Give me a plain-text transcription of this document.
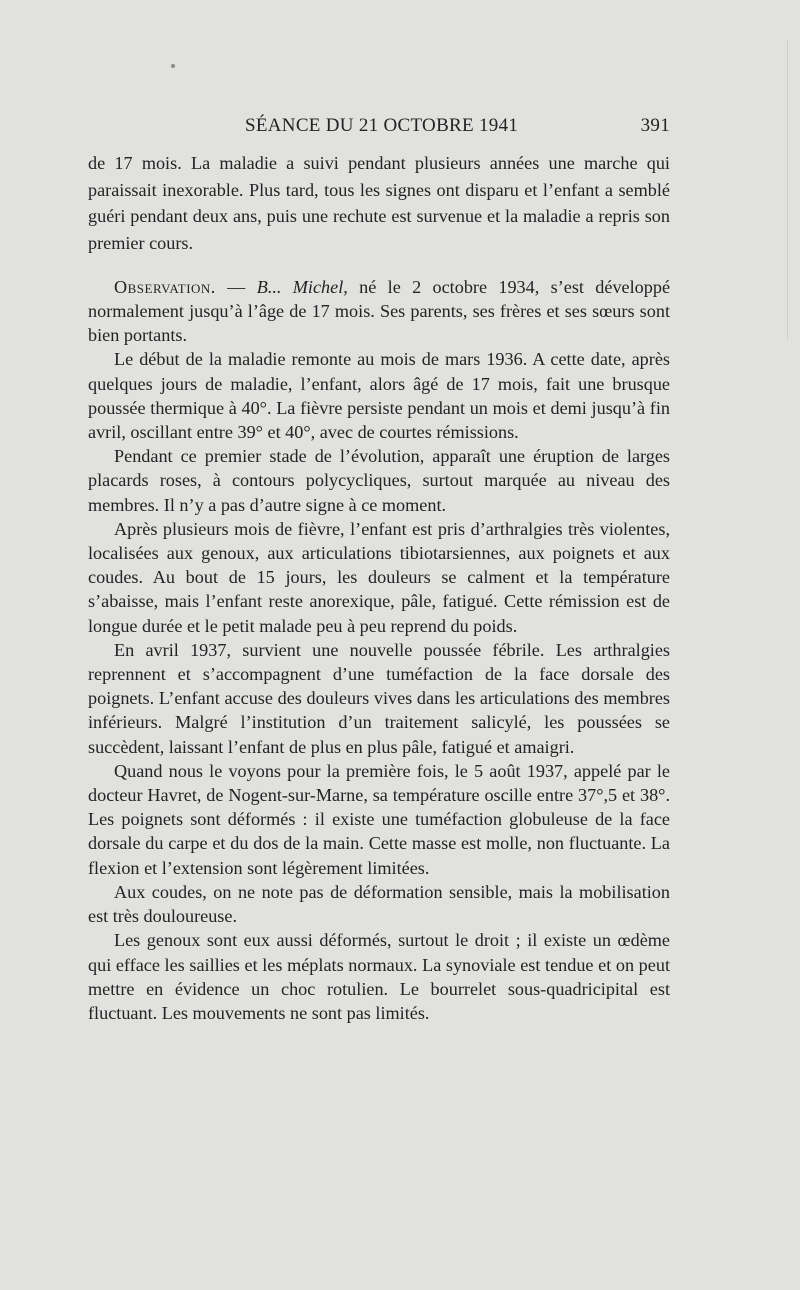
SÉANCE DU 21 OCTOBRE 1941	391

de 17 mois. La maladie a suivi pendant plusieurs années une marche qui paraissait inexorable. Plus tard, tous les signes ont disparu et l’enfant a semblé guéri pendant deux ans, puis une rechute est survenue et la maladie a repris son premier cours.

Observation. — B... Michel, né le 2 octobre 1934, s’est développé normalement jusqu’à l’âge de 17 mois. Ses parents, ses frères et ses sœurs sont bien portants.

Le début de la maladie remonte au mois de mars 1936. A cette date, après quelques jours de maladie, l’enfant, alors âgé de 17 mois, fait une brusque poussée thermique à 40°. La fièvre persiste pendant un mois et demi jusqu’à fin avril, oscillant entre 39° et 40°, avec de courtes rémissions.

Pendant ce premier stade de l’évolution, apparaît une éruption de larges placards roses, à contours polycycliques, surtout marquée au niveau des membres. Il n’y a pas d’autre signe à ce moment.

Après plusieurs mois de fièvre, l’enfant est pris d’arthralgies très violentes, localisées aux genoux, aux articulations tibiotarsiennes, aux poignets et aux coudes. Au bout de 15 jours, les douleurs se calment et la température s’abaisse, mais l’enfant reste anorexique, pâle, fatigué. Cette rémission est de longue durée et le petit malade peu à peu reprend du poids.

En avril 1937, survient une nouvelle poussée fébrile. Les arthralgies reprennent et s’accompagnent d’une tuméfaction de la face dorsale des poignets. L’enfant accuse des douleurs vives dans les articulations des membres inférieurs. Malgré l’institution d’un traitement salicylé, les poussées se succèdent, laissant l’enfant de plus en plus pâle, fatigué et amaigri.

Quand nous le voyons pour la première fois, le 5 août 1937, appelé par le docteur Havret, de Nogent-sur-Marne, sa température oscille entre 37°,5 et 38°. Les poignets sont déformés : il existe une tuméfaction globuleuse de la face dorsale du carpe et du dos de la main. Cette masse est molle, non fluctuante. La flexion et l’extension sont légèrement limitées.

Aux coudes, on ne note pas de déformation sensible, mais la mobilisation est très douloureuse.

Les genoux sont eux aussi déformés, surtout le droit ; il existe un œdème qui efface les saillies et les méplats normaux. La synoviale est tendue et on peut mettre en évidence un choc rotulien. Le bourrelet sous-quadricipital est fluctuant. Les mouvements ne sont pas limités.
